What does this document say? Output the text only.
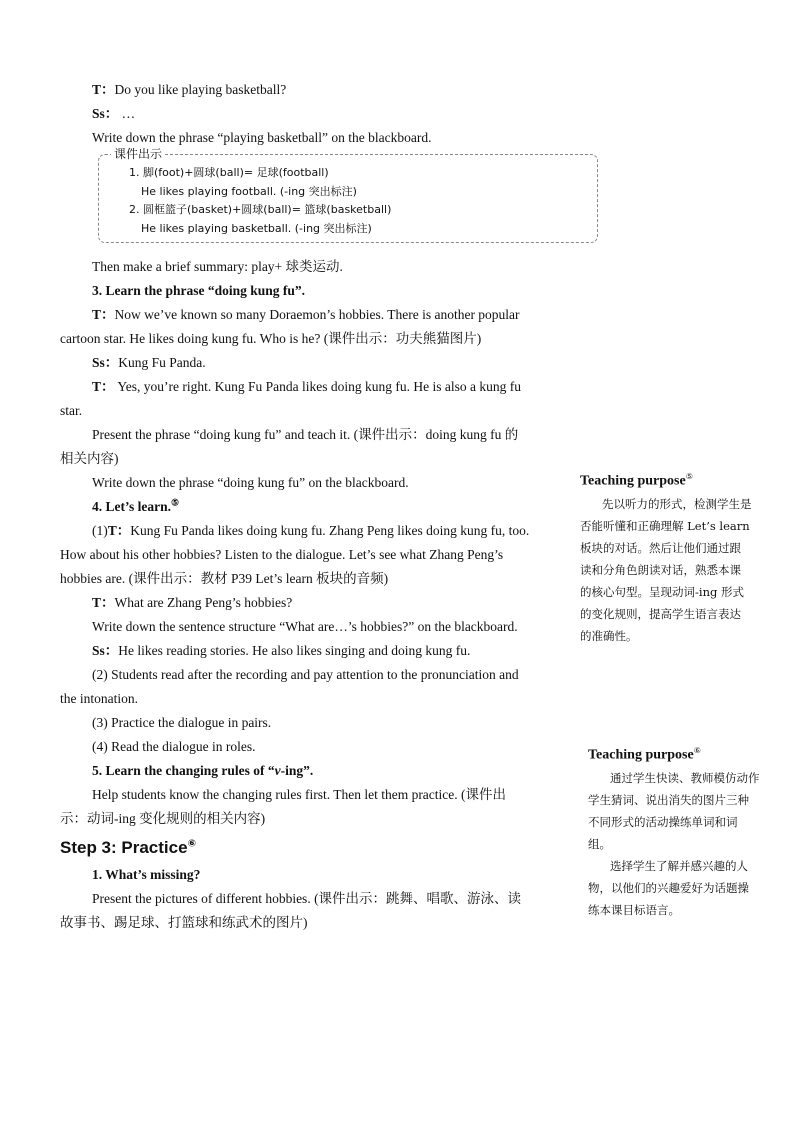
T：Do you like playing basketball?

Ss： …

Write down the phrase “playing basketball” on the blackboard.

课件出示

1. 脚(foot)+圆球(ball)= 足球(football)

He likes playing football. (-ing 突出标注)

2. 圆框篮子(basket)+圆球(ball)= 篮球(basketball)

He likes playing basketball. (-ing 突出标注)

Then make a brief summary: play+ 球类运动.

3. Learn the phrase “doing kung fu”.

T：Now we’ve known so many Doraemon’s hobbies. There is another popular cartoon star. He likes doing kung fu. Who is he? (课件出示：功夫熊猫图片)

Ss：Kung Fu Panda.

T： Yes, you’re right. Kung Fu Panda likes doing kung fu. He is also a kung fu star.

Present the phrase “doing kung fu” and teach it. (课件出示：doing kung fu 的相关内容)

Write down the phrase “doing kung fu” on the blackboard.

4. Let’s learn.⑤

(1)T：Kung Fu Panda likes doing kung fu. Zhang Peng likes doing kung fu, too. How about his other hobbies? Listen to the dialogue. Let’s see what Zhang Peng’s hobbies are. (课件出示：教材 P39 Let’s learn 板块的音频)

T：What are Zhang Peng’s hobbies?

Write down the sentence structure “What are…’s hobbies?” on the blackboard.

Ss：He likes reading stories. He also likes singing and doing kung fu.

(2) Students read after the recording and pay attention to the pronunciation and the intonation.

(3) Practice the dialogue in pairs.

(4) Read the dialogue in roles.

5. Learn the changing rules of “v-ing”.

Help students know the changing rules first. Then let them practice. (课件出示：动词-ing 变化规则的相关内容)

Step 3: Practice⑥

1. What’s missing?

Present the pictures of different hobbies. (课件出示：跳舞、唱歌、游泳、读故事书、踢足球、打篮球和练武术的图片)

Teaching purpose⑤

先以听力的形式，检测学生是否能听懂和正确理解 Let’s learn 板块的对话。然后让他们通过跟读和分角色朗读对话，熟悉本课的核心句型。呈现动词-ing 形式的变化规则，提高学生语言表达的准确性。

Teaching purpose⑥

通过学生快读、教师模仿动作学生猜词、说出消失的图片三种不同形式的活动操练单词和词组。

选择学生了解并感兴趣的人物，以他们的兴趣爱好为话题操练本课目标语言。
